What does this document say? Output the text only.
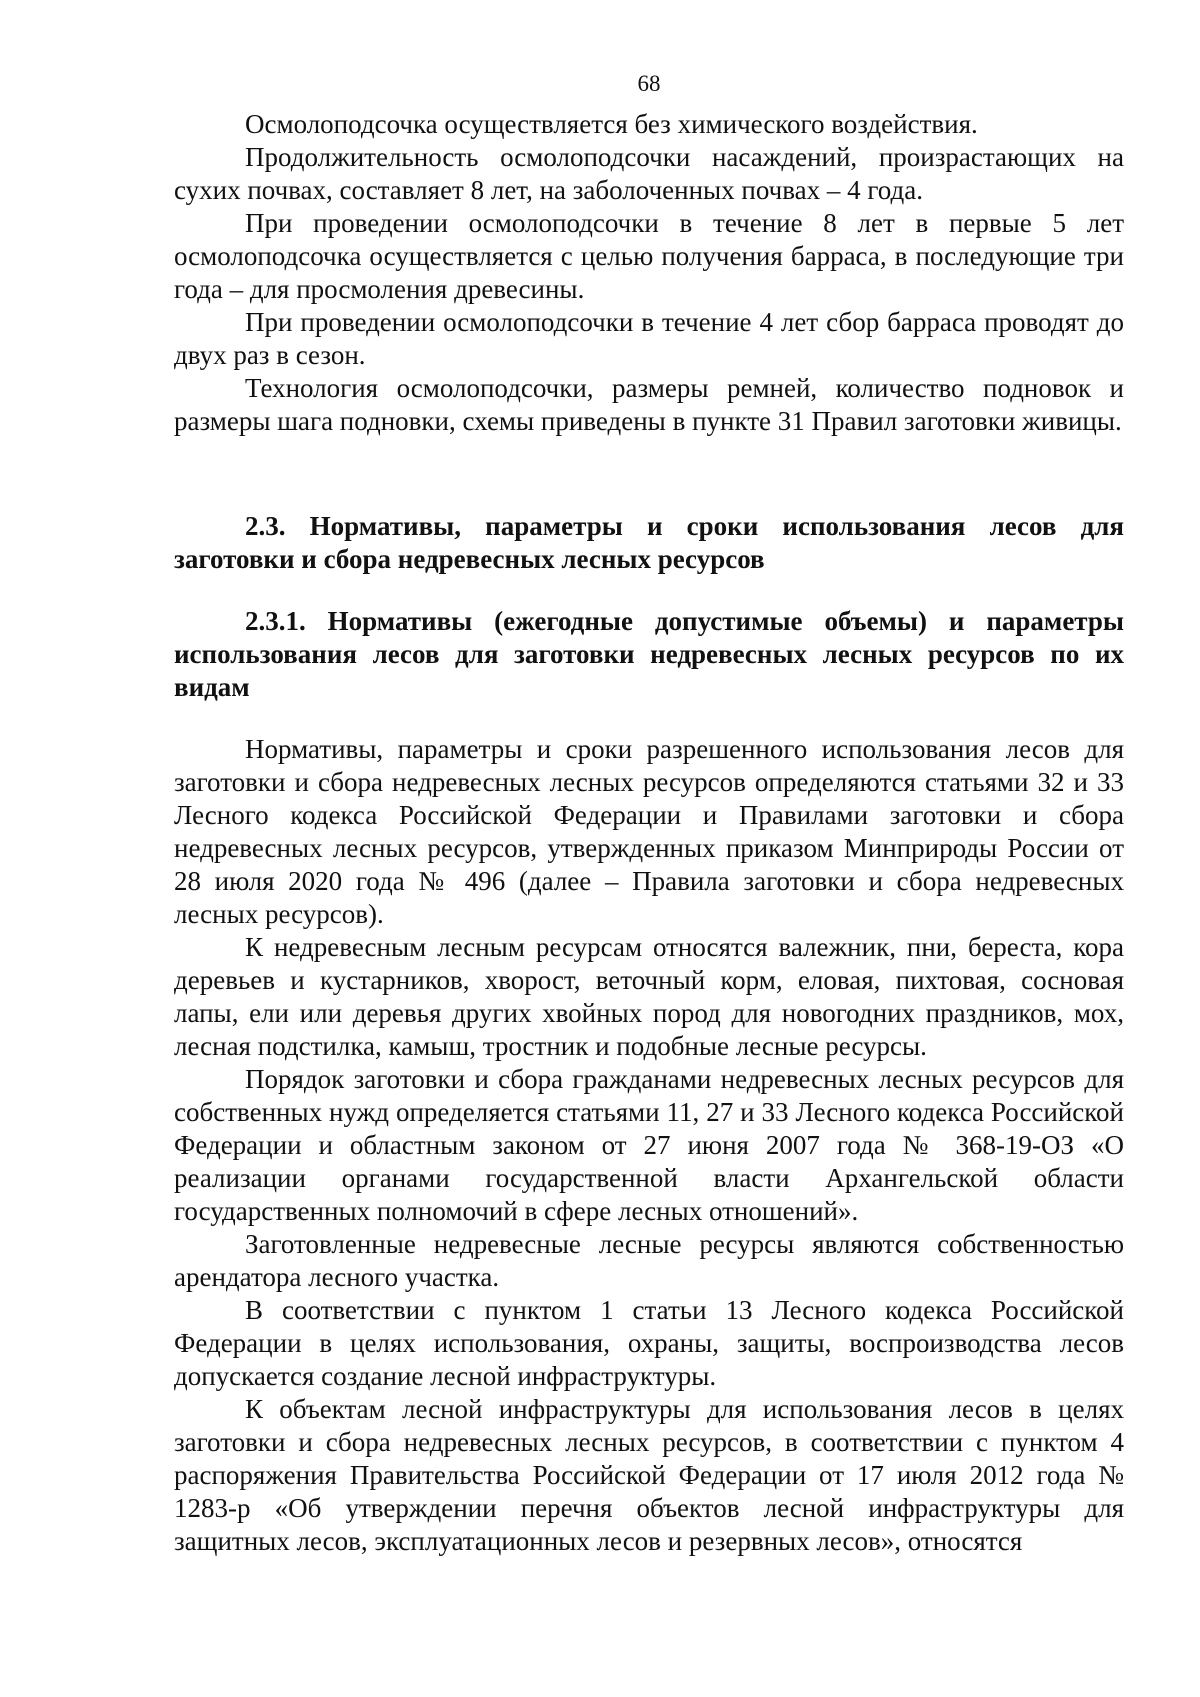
68

Осмолоподсочка осуществляется без химического воздействия.

Продолжительность осмолоподсочки насаждений, произрастающих на сухих почвах, составляет 8 лет, на заболоченных почвах – 4 года.

При проведении осмолоподсочки в течение 8 лет в первые 5 лет осмолоподсочка осуществляется с целью получения барраса, в последующие три года – для просмоления древесины.

При проведении осмолоподсочки в течение 4 лет сбор барраса проводят до двух раз в сезон.

Технология осмолоподсочки, размеры ремней, количество подновок и размеры шага подновки, схемы приведены в пункте 31 Правил заготовки живицы.

2.3. Нормативы, параметры и сроки использования лесов для заготовки и сбора недревесных лесных ресурсов

2.3.1. Нормативы (ежегодные допустимые объемы) и параметры использования лесов для заготовки недревесных лесных ресурсов по их видам

Нормативы, параметры и сроки разрешенного использования лесов для заготовки и сбора недревесных лесных ресурсов определяются статьями 32 и 33 Лесного кодекса Российской Федерации и Правилами заготовки и сбора недревесных лесных ресурсов, утвержденных приказом Минприроды России от 28 июля 2020 года № 496 (далее – Правила заготовки и сбора недревесных лесных ресурсов).

К недревесным лесным ресурсам относятся валежник, пни, береста, кора деревьев и кустарников, хворост, веточный корм, еловая, пихтовая, сосновая лапы, ели или деревья других хвойных пород для новогодних праздников, мох, лесная подстилка, камыш, тростник и подобные лесные ресурсы.

Порядок заготовки и сбора гражданами недревесных лесных ресурсов для собственных нужд определяется статьями 11, 27 и 33 Лесного кодекса Российской Федерации и областным законом от 27 июня 2007 года № 368-19-ОЗ «О реализации органами государственной власти Архангельской области государственных полномочий в сфере лесных отношений».

Заготовленные недревесные лесные ресурсы являются собственностью арендатора лесного участка.

В соответствии с пунктом 1 статьи 13 Лесного кодекса Российской Федерации в целях использования, охраны, защиты, воспроизводства лесов допускается создание лесной инфраструктуры.

К объектам лесной инфраструктуры для использования лесов в целях заготовки и сбора недревесных лесных ресурсов, в соответствии с пунктом 4 распоряжения Правительства Российской Федерации от 17 июля 2012 года № 1283-р «Об утверждении перечня объектов лесной инфраструктуры для защитных лесов, эксплуатационных лесов и резервных лесов», относятся
